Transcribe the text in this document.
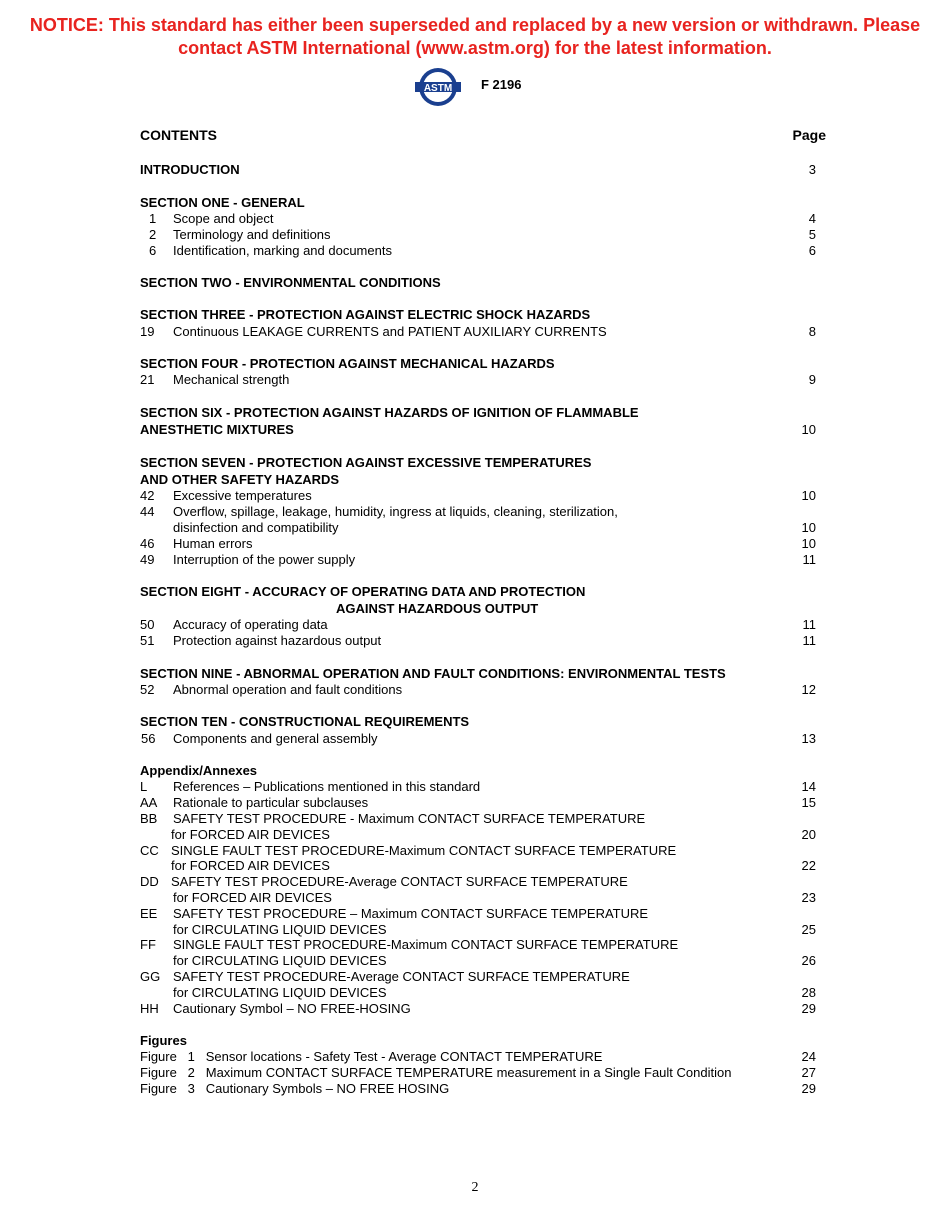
NOTICE: This standard has either been superseded and replaced by a new version or withdrawn. Please
contact ASTM International (www.astm.org) for the latest information.
ASTM F 2196
CONTENTS	Page
INTRODUCTION	3
SECTION ONE - GENERAL
1 Scope and object	4
2 Terminology and definitions	5
6 Identification, marking and documents	6
SECTION TWO - ENVIRONMENTAL CONDITIONS
SECTION THREE - PROTECTION AGAINST ELECTRIC SHOCK HAZARDS
19 Continuous LEAKAGE CURRENTS and PATIENT AUXILIARY CURRENTS	8
SECTION FOUR - PROTECTION AGAINST MECHANICAL HAZARDS
21 Mechanical strength	9
SECTION SIX - PROTECTION AGAINST HAZARDS OF IGNITION OF FLAMMABLE
ANESTHETIC MIXTURES	10
SECTION SEVEN - PROTECTION AGAINST EXCESSIVE TEMPERATURES
AND OTHER SAFETY HAZARDS
42 Excessive temperatures	10
44 Overflow, spillage, leakage, humidity, ingress at liquids, cleaning, sterilization,
disinfection and compatibility	10
46 Human errors	10
49 Interruption of the power supply	11
SECTION EIGHT - ACCURACY OF OPERATING DATA AND PROTECTION
AGAINST HAZARDOUS OUTPUT
50 Accuracy of operating data	11
51 Protection against hazardous output	11
SECTION NINE - ABNORMAL OPERATION AND FAULT CONDITIONS: ENVIRONMENTAL TESTS
52 Abnormal operation and fault conditions	12
SECTION TEN - CONSTRUCTIONAL REQUIREMENTS
56 Components and general assembly	13
Appendix/Annexes
L References – Publications mentioned in this standard	14
AA Rationale to particular subclauses	15
BB SAFETY TEST PROCEDURE - Maximum CONTACT SURFACE TEMPERATURE
for FORCED AIR DEVICES	20
CC SINGLE FAULT TEST PROCEDURE-Maximum CONTACT SURFACE TEMPERATURE
for FORCED AIR DEVICES	22
DD SAFETY TEST PROCEDURE-Average CONTACT SURFACE TEMPERATURE
for FORCED AIR DEVICES	23
EE SAFETY TEST PROCEDURE – Maximum CONTACT SURFACE TEMPERATURE
for CIRCULATING LIQUID DEVICES	25
FF SINGLE FAULT TEST PROCEDURE-Maximum CONTACT SURFACE TEMPERATURE
for CIRCULATING LIQUID DEVICES	26
GG SAFETY TEST PROCEDURE-Average CONTACT SURFACE TEMPERATURE
for CIRCULATING LIQUID DEVICES	28
HH Cautionary Symbol – NO FREE-HOSING	29
Figures
Figure   1   Sensor locations - Safety Test - Average CONTACT TEMPERATURE	24
Figure   2   Maximum CONTACT SURFACE TEMPERATURE measurement in a Single Fault Condition	27
Figure   3   Cautionary Symbols – NO FREE HOSING	29
2
